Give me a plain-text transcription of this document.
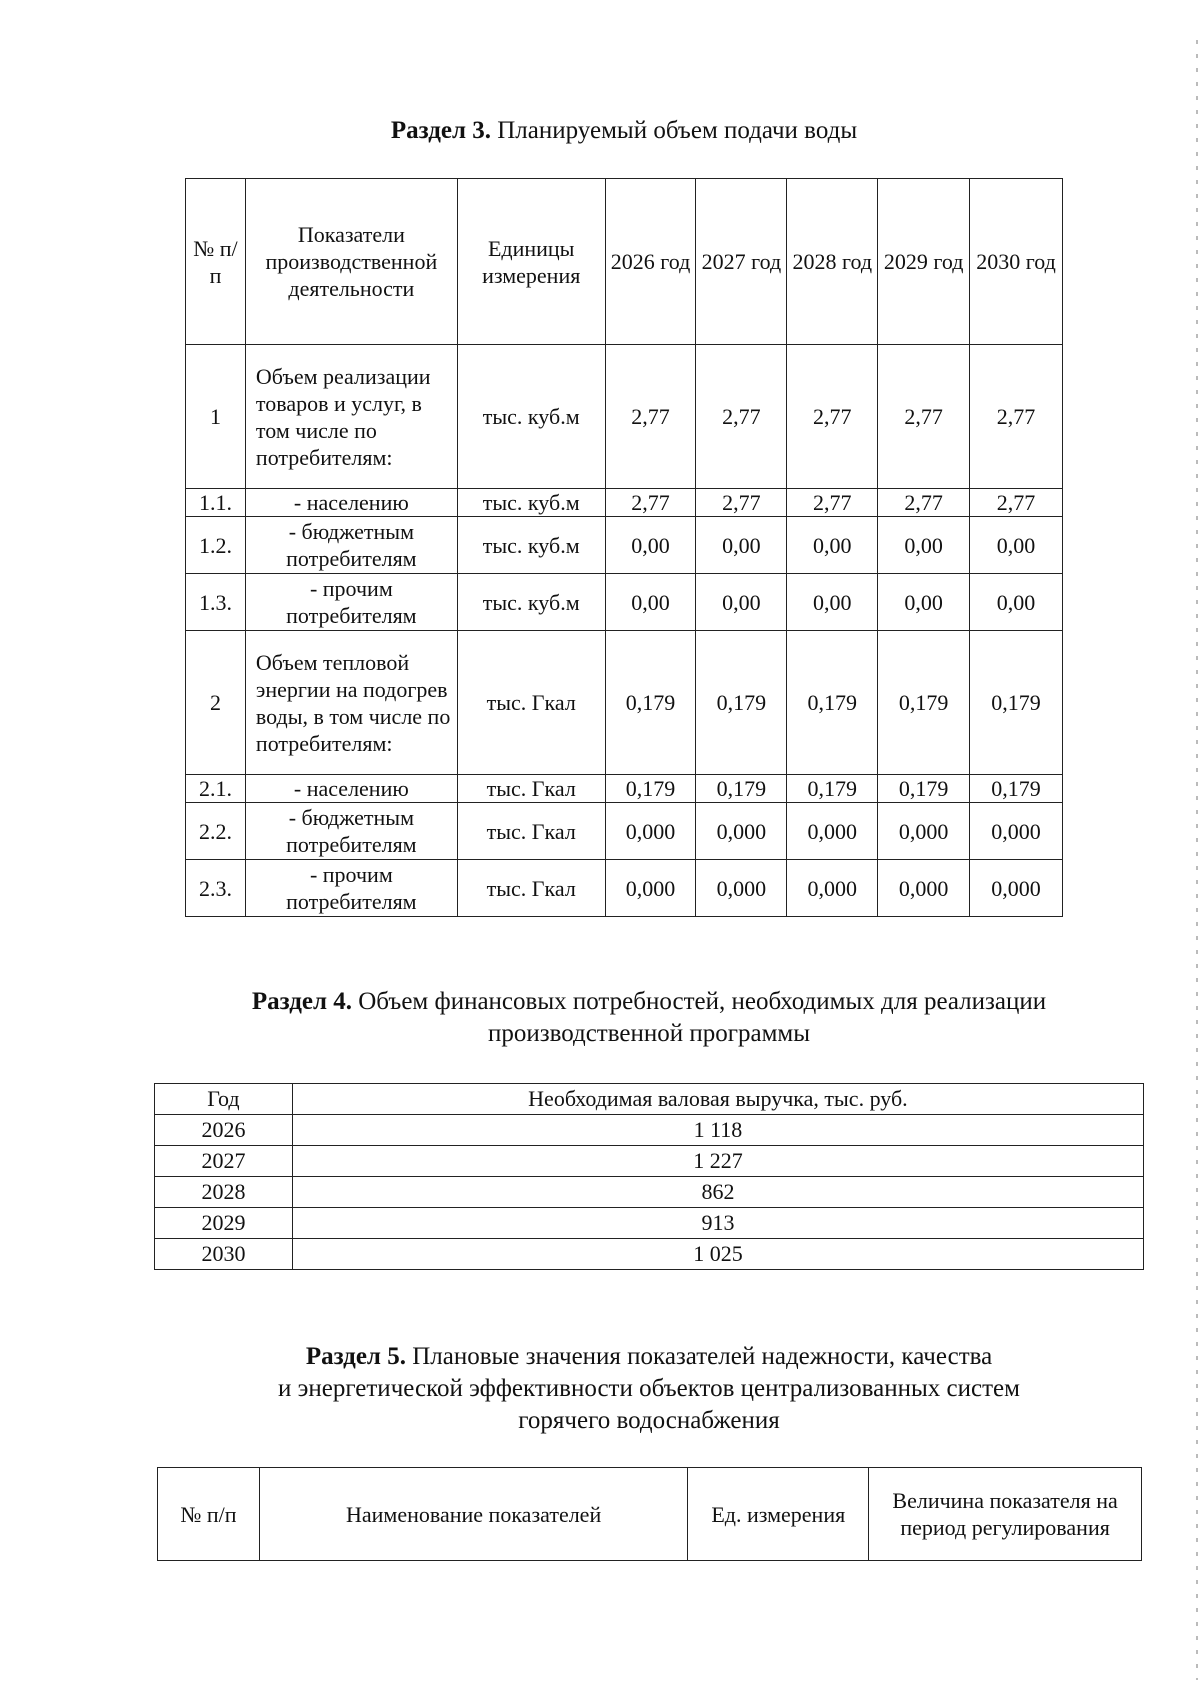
Раздел 3. Планируемый объем подачи воды
№ п/п	Показатели производственной деятельности	Единицы измерения	2026 год	2027 год	2028 год	2029 год	2030 год
1	Объем реализации товаров и услуг, в том числе по потребителям:	тыс. куб.м	2,77	2,77	2,77	2,77	2,77
1.1.	- населению	тыс. куб.м	2,77	2,77	2,77	2,77	2,77
1.2.	- бюджетным потребителям	тыс. куб.м	0,00	0,00	0,00	0,00	0,00
1.3.	- прочим потребителям	тыс. куб.м	0,00	0,00	0,00	0,00	0,00
2	Объем тепловой энергии на подогрев воды, в том числе по потребителям:	тыс. Гкал	0,179	0,179	0,179	0,179	0,179
2.1.	- населению	тыс. Гкал	0,179	0,179	0,179	0,179	0,179
2.2.	- бюджетным потребителям	тыс. Гкал	0,000	0,000	0,000	0,000	0,000
2.3.	- прочим потребителям	тыс. Гкал	0,000	0,000	0,000	0,000	0,000
Раздел 4. Объем финансовых потребностей, необходимых для реализации
производственной программы
Год	Необходимая валовая выручка, тыс. руб.
2026	1 118
2027	1 227
2028	862
2029	913
2030	1 025
Раздел 5. Плановые значения показателей надежности, качества
и энергетической эффективности объектов централизованных систем
горячего водоснабжения
№ п/п	Наименование показателей	Ед. измерения	Величина показателя на период регулирования
